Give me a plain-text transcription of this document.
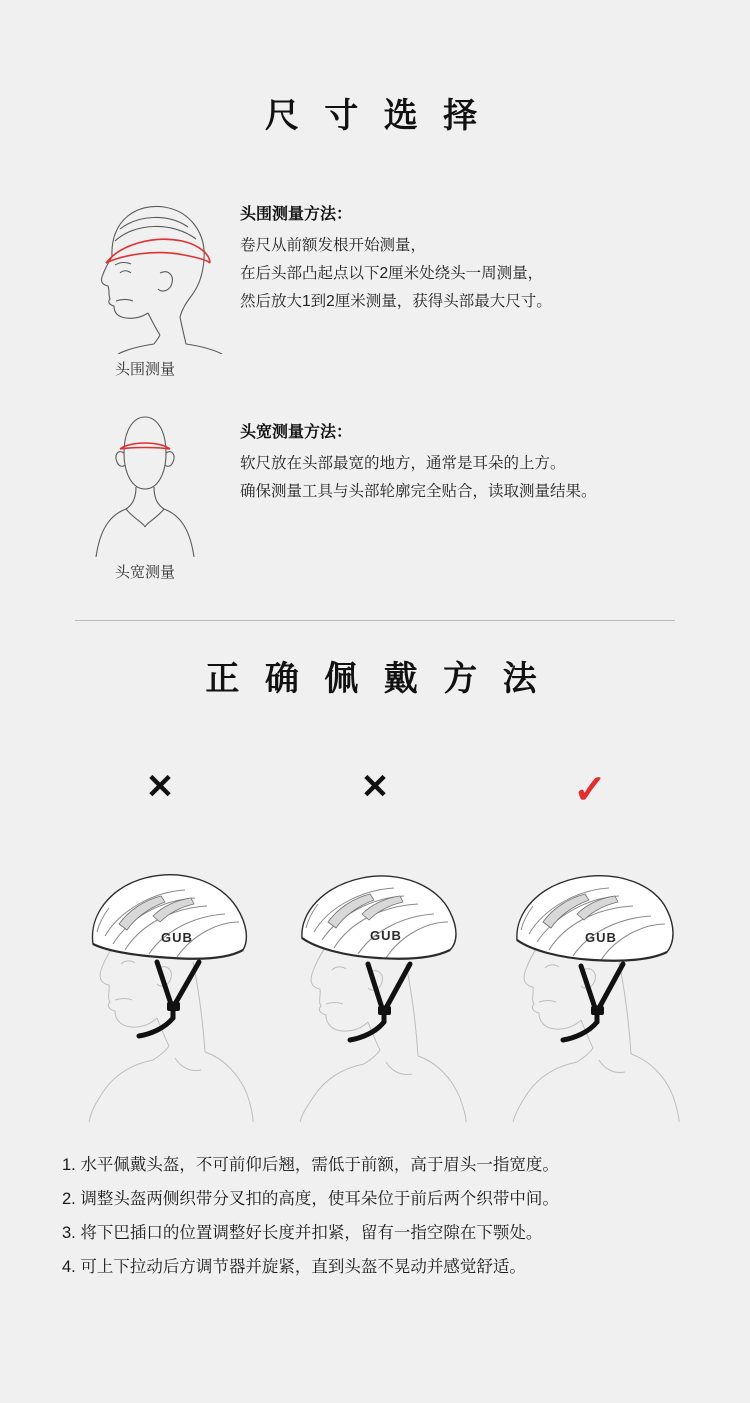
尺 寸 选 择
头围测量
头围测量方法：
卷尺从前额发根开始测量，
在后头部凸起点以下2厘米处绕头一周测量，
然后放大1到2厘米测量，获得头部最大尺寸。
头宽测量
头宽测量方法：
软尺放在头部最宽的地方，通常是耳朵的上方。
确保测量工具与头部轮廓完全贴合，读取测量结果。
正 确 佩 戴 方 法
✕	✕	✓
GUB	GUB	GUB
1. 水平佩戴头盔，不可前仰后翘，需低于前额，高于眉头一指宽度。
2. 调整头盔两侧织带分叉扣的高度，使耳朵位于前后两个织带中间。
3. 将下巴插口的位置调整好长度并扣紧，留有一指空隙在下颚处。
4. 可上下拉动后方调节器并旋紧，直到头盔不晃动并感觉舒适。
